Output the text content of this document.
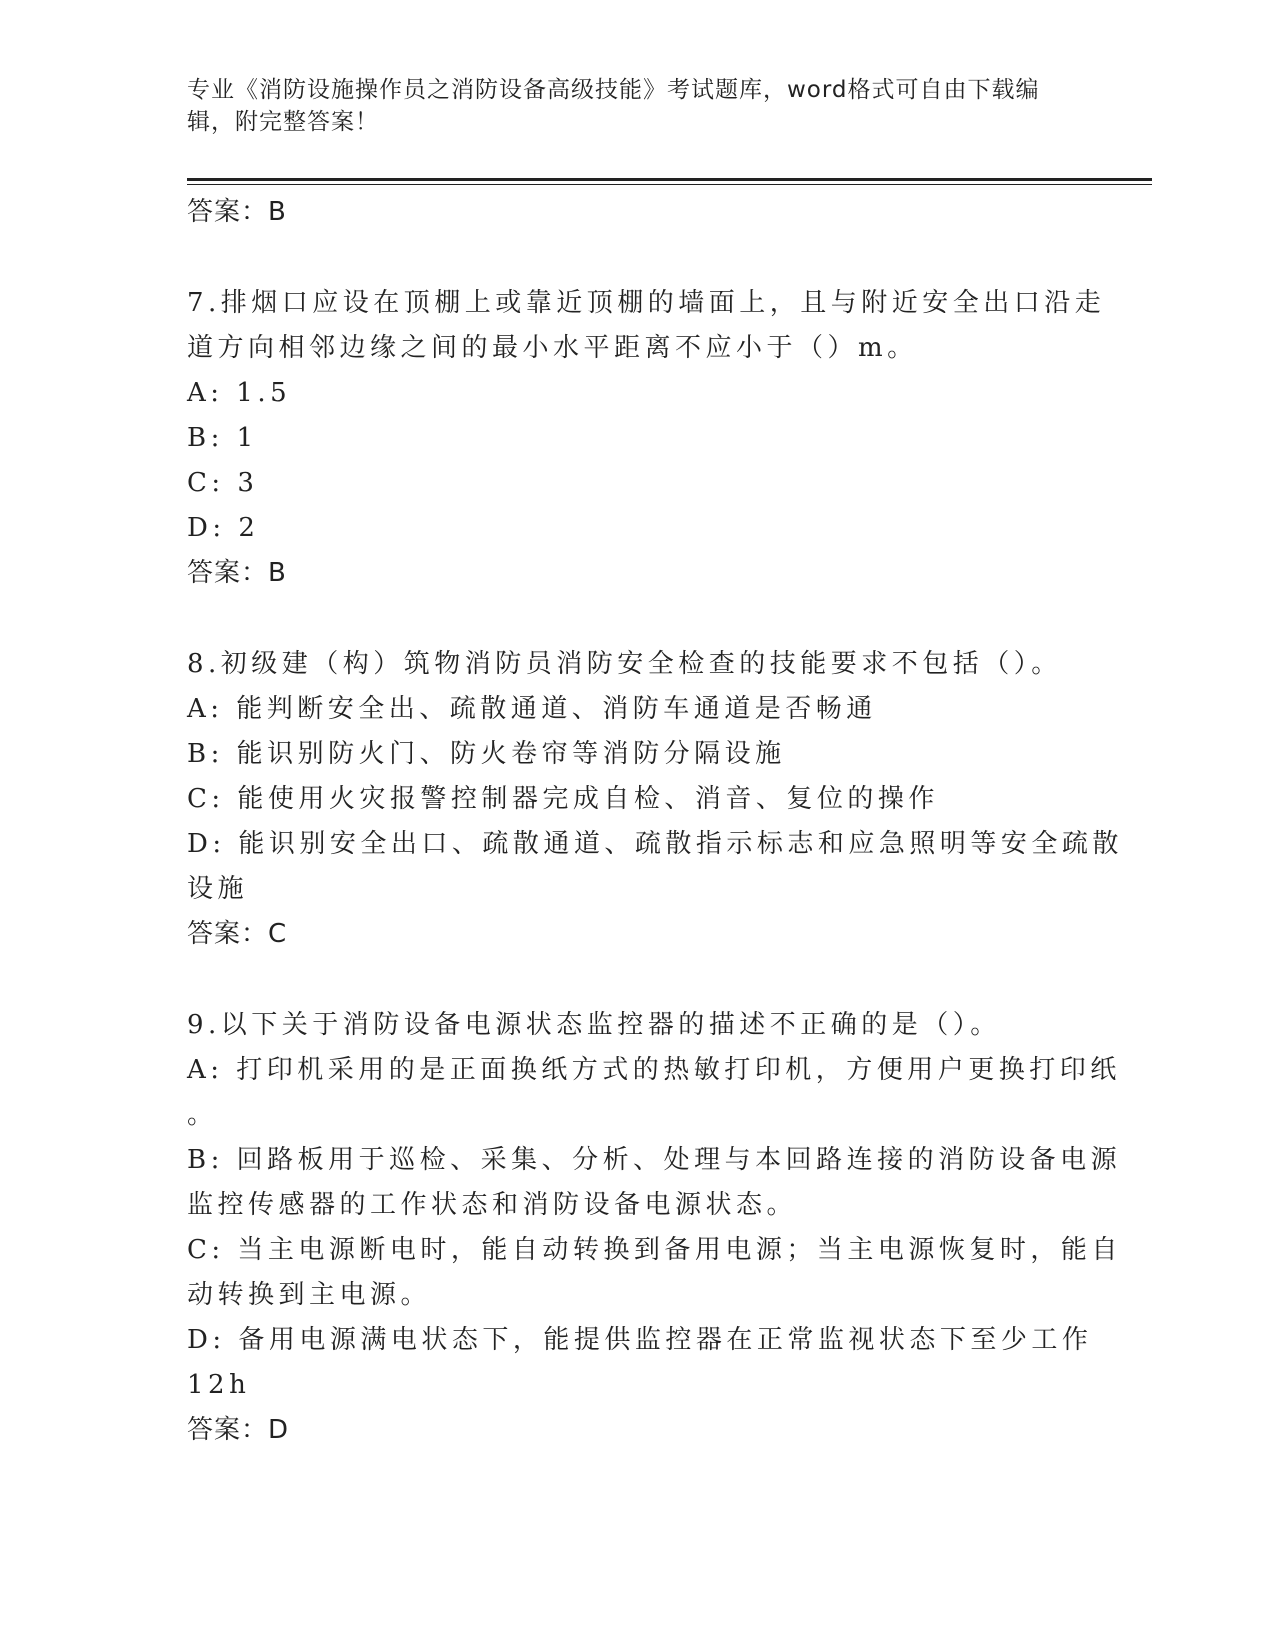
专业《消防设施操作员之消防设备高级技能》考试题库，word格式可自由下载编辑，附完整答案！
答案：B
7.排烟口应设在顶棚上或靠近顶棚的墙面上，且与附近安全出口沿走
道方向相邻边缘之间的最小水平距离不应小于（）m。
A: 1.5
B: 1
C: 3
D: 2
答案：B
8.初级建（构）筑物消防员消防安全检查的技能要求不包括（）。
A: 能判断安全出、疏散通道、消防车通道是否畅通
B: 能识别防火门、防火卷帘等消防分隔设施
C: 能使用火灾报警控制器完成自检、消音、复位的操作
D: 能识别安全出口、疏散通道、疏散指示标志和应急照明等安全疏散
设施
答案：C
9.以下关于消防设备电源状态监控器的描述不正确的是（）。
A: 打印机采用的是正面换纸方式的热敏打印机，方便用户更换打印纸
。
B: 回路板用于巡检、采集、分析、处理与本回路连接的消防设备电源
监控传感器的工作状态和消防设备电源状态。
C: 当主电源断电时，能自动转换到备用电源；当主电源恢复时，能自
动转换到主电源。
D: 备用电源满电状态下，能提供监控器在正常监视状态下至少工作
12h
答案：D
